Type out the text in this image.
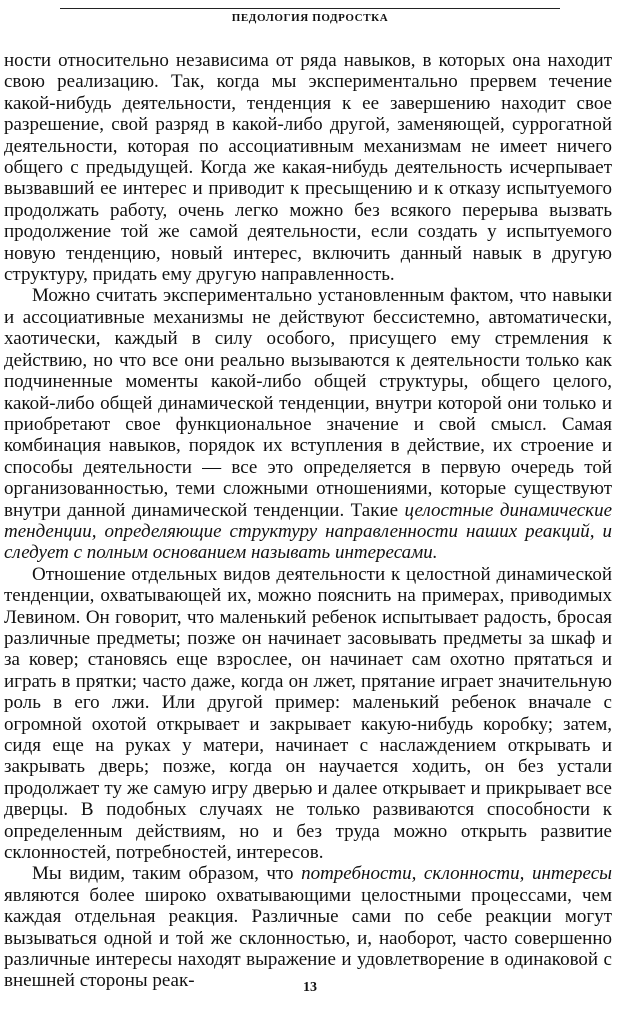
ПЕДОЛОГИЯ ПОДРОСТКА

ности относительно независима от ряда навыков, в которых она находит свою реализацию. Так, когда мы экспериментально прервем течение какой-нибудь деятельности, тенденция к ее завершению находит свое разрешение, свой разряд в какой-либо другой, заменяющей, суррогатной деятельности, которая по ассоциативным механизмам не имеет ничего общего с предыдущей. Когда же какая-нибудь деятельность исчерпывает вызвавший ее интерес и приводит к пресыщению и к отказу испытуемого продолжать работу, очень легко можно без всякого перерыва вызвать продолжение той же самой деятельности, если создать у испытуемого новую тенденцию, новый интерес, включить данный навык в другую структуру, придать ему другую направленность.

Можно считать экспериментально установленным фактом, что навыки и ассоциативные механизмы не действуют бессистемно, автоматически, хаотически, каждый в силу особого, присущего ему стремления к действию, но что все они реально вызываются к деятельности только как подчиненные моменты какой-либо общей структуры, общего целого, какой-либо общей динамической тенденции, внутри которой они только и приобретают свое функциональное значение и свой смысл. Самая комбинация навыков, порядок их вступления в действие, их строение и способы деятельности — все это определяется в первую очередь той организованностью, теми сложными отношениями, которые существуют внутри данной динамической тенденции. Такие целостные динамические тенденции, определяющие структуру направленности наших реакций, и следует с полным основанием называть интересами.

Отношение отдельных видов деятельности к целостной динамической тенденции, охватывающей их, можно пояснить на примерах, приводимых Левином. Он говорит, что маленький ребенок испытывает радость, бросая различные предметы; позже он начинает засовывать предметы за шкаф и за ковер; становясь еще взрослее, он начинает сам охотно прятаться и играть в прятки; часто даже, когда он лжет, прятание играет значительную роль в его лжи. Или другой пример: маленький ребенок вначале с огромной охотой открывает и закрывает какую-нибудь коробку; затем, сидя еще на руках у матери, начинает с наслаждением открывать и закрывать дверь; позже, когда он научается ходить, он без устали продолжает ту же самую игру дверью и далее открывает и прикрывает все дверцы. В подобных случаях не только развиваются способности к определенным действиям, но и без труда можно открыть развитие склонностей, потребностей, интересов.

Мы видим, таким образом, что потребности, склонности, интересы являются более широко охватывающими целостными процессами, чем каждая отдельная реакция. Различные сами по себе реакции могут вызываться одной и той же склонностью, и, наоборот, часто совершенно различные интересы находят выражение и удовлетворение в одинаковой с внешней стороны реак-	13
